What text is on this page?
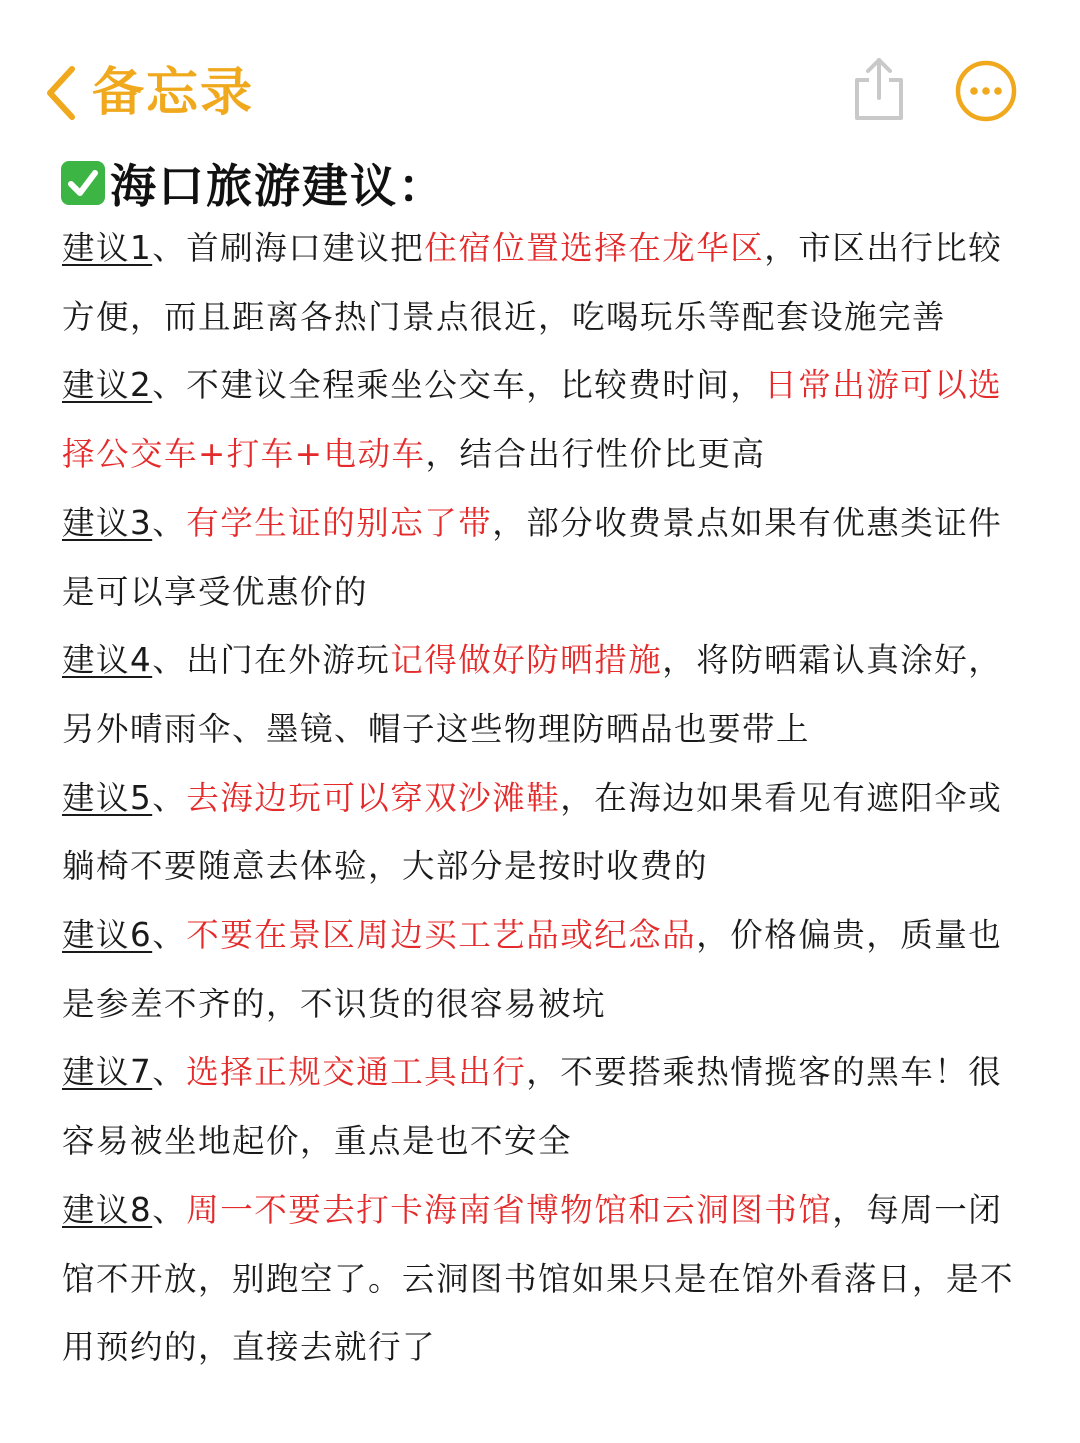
备忘录
海口旅游建议：

建议1、首刷海口建议把住宿位置选择在龙华区，市区出行比较方便，而且距离各热门景点很近，吃喝玩乐等配套设施完善

建议2、不建议全程乘坐公交车，比较费时间，日常出游可以选择公交车+打车+电动车，结合出行性价比更高

建议3、有学生证的别忘了带，部分收费景点如果有优惠类证件是可以享受优惠价的

建议4、出门在外游玩记得做好防晒措施，将防晒霜认真涂好，另外晴雨伞、墨镜、帽子这些物理防晒品也要带上

建议5、去海边玩可以穿双沙滩鞋，在海边如果看见有遮阳伞或躺椅不要随意去体验，大部分是按时收费的

建议6、不要在景区周边买工艺品或纪念品，价格偏贵，质量也是参差不齐的，不识货的很容易被坑

建议7、选择正规交通工具出行，不要搭乘热情揽客的黑车！很容易被坐地起价，重点是也不安全

建议8、周一不要去打卡海南省博物馆和云洞图书馆，每周一闭馆不开放，别跑空了。云洞图书馆如果只是在馆外看落日，是不用预约的，直接去就行了
